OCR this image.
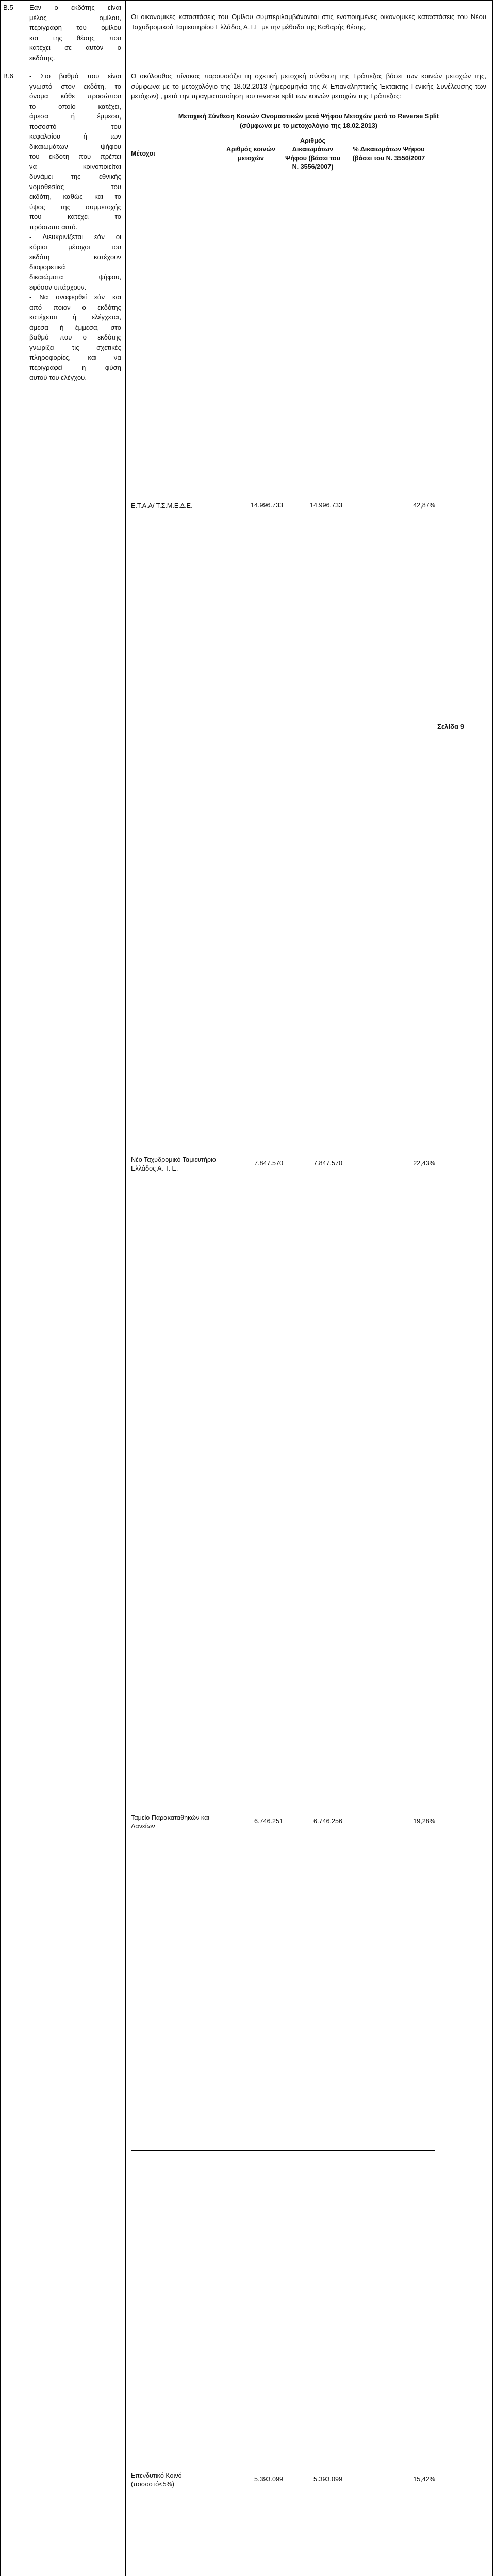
Β.5	Εάν ο εκδότης είναι
μέλος ομίλου,
περιγραφή του ομίλου
και της θέσης που
κατέχει σε αυτόν ο
εκδότης.

Οι οικονομικές καταστάσεις του Ομίλου συμπεριλαμβάνονται στις ενοποιημένες οικονομικές καταστάσεις του Νέου Ταχυδρομικού Ταμιευτηρίου Ελλάδος Α.Τ.Ε με την μέθοδο της Καθαρής θέσης.

Β.6	- Στο βαθμό που είναι
γνωστό στον εκδότη, το
όνομα κάθε προσώπου
το οποίο κατέχει,
άμεσα ή έμμεσα,
ποσοστό του
κεφαλαίου ή των
δικαιωμάτων ψήφου
του εκδότη που πρέπει
να κοινοποιείται
δυνάμει της εθνικής
νομοθεσίας του
εκδότη, καθώς και το
ύψος της συμμετοχής
που κατέχει το
πρόσωπο αυτό.
- Διευκρινίζεται εάν οι
κύριοι μέτοχοι του
εκδότη κατέχουν
διαφορετικά
δικαιώματα ψήφου,
εφόσον υπάρχουν.
- Να αναφερθεί εάν και
από ποιον ο εκδότης
κατέχεται ή ελέγχεται,
άμεσα ή έμμεσα, στο
βαθμό που ο εκδότης
γνωρίζει τις σχετικές
πληροφορίες, και να
περιγραφεί η φύση
αυτού του ελέγχου.

Ο ακόλουθος πίνακας παρουσιάζει τη σχετική μετοχική σύνθεση της Τράπεζας βάσει των κοινών μετοχών της, σύμφωνα με το μετοχολόγιο της 18.02.2013 (ημερομηνία της Α’ Επαναληπτικής Έκτακτης Γενικής Συνέλευσης των μετόχων) , μετά την πραγματοποίηση του reverse split των κοινών μετοχών της Τράπεζας:

Μετοχική Σύνθεση Κοινών Ονομαστικών μετά Ψήφου Μετοχών μετά το Reverse Split
(σύμφωνα με το μετοχολόγιο της 18.02.2013)
Μέτοχοι	Αριθμός κοινών μετοχών	Αριθμός Δικαιωμάτων Ψήφου (βάσει του Ν. 3556/2007)	% Δικαιωμάτων Ψήφου (βάσει του Ν. 3556/2007
Ε.Τ.Α.Α/ Τ.Σ.Μ.Ε.Δ.Ε.	14.996.733	14.996.733	42,87%
Νέο Ταχυδρομικό Ταμιευτήριο Ελλάδος Α. Τ. Ε.	7.847.570	7.847.570	22,43%
Ταμείο Παρακαταθηκών και Δανείων	6.746.251	6.746.256	19,28%
Επενδυτικό Κοινό (ποσοστό<5%)	5.393.099	5.393.099	15,42%

Σελίδα 9
